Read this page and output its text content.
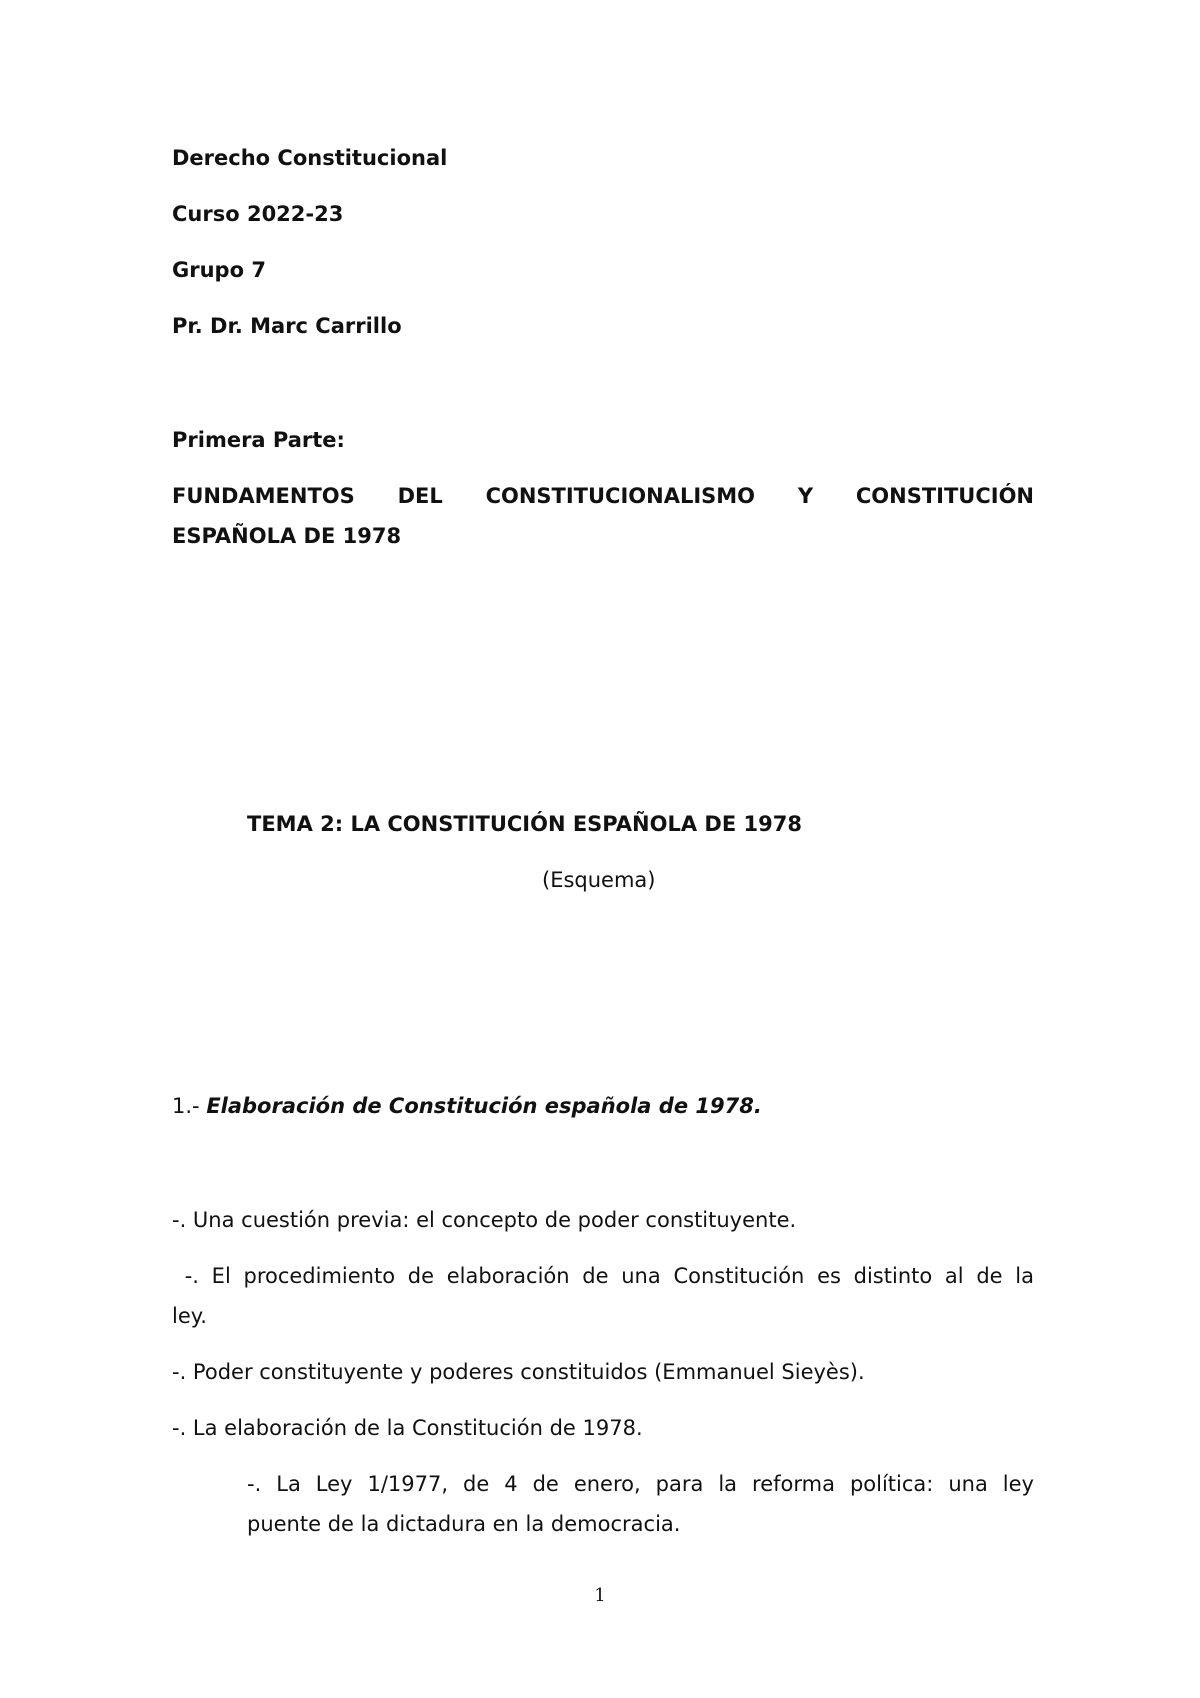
Derecho Constitucional
Curso 2022-23
Grupo 7
Pr. Dr. Marc Carrillo
Primera Parte:
FUNDAMENTOS DEL CONSTITUCIONALISMO Y CONSTITUCIÓN
ESPAÑOLA DE 1978
TEMA 2: LA CONSTITUCIÓN ESPAÑOLA DE 1978
(Esquema)
1.- Elaboración de Constitución española de 1978.
-. Una cuestión previa: el concepto de poder constituyente.
-. El procedimiento de elaboración de una Constitución es distinto al de la
ley.
-. Poder constituyente y poderes constituidos (Emmanuel Sieyès).
-. La elaboración de la Constitución de 1978.
-. La Ley 1/1977, de 4 de enero, para la reforma política: una ley
puente de la dictadura en la democracia.
1
